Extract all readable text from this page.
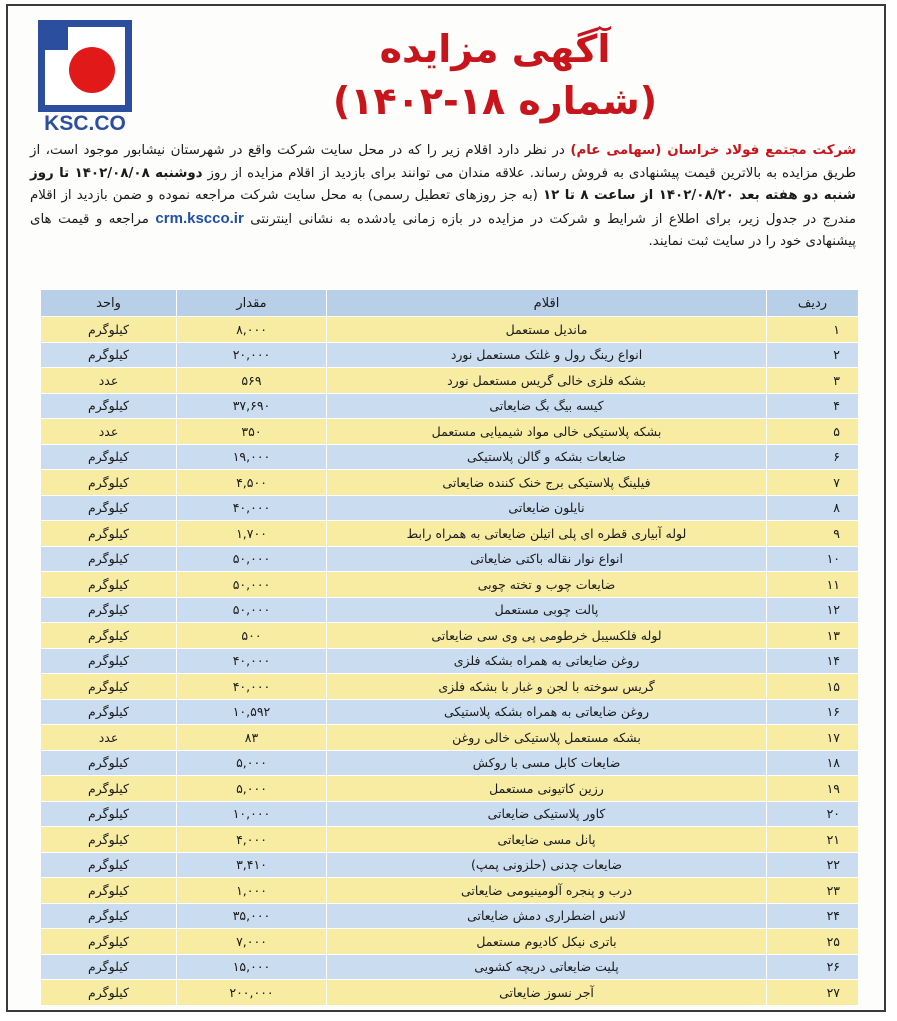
KSC.CO
آگهی مزایده
(شماره ۱۸-۱۴۰۲)
شرکت مجتمع فولاد خراسان (سهامی عام) در نظر دارد اقلام زیر را که در محل سایت شرکت واقع در شهرستان نیشابور موجود است، از طریق مزایده به بالاترین قیمت پیشنهادی به فروش رساند. علاقه مندان می توانند برای بازدید از اقلام مزایده از روز دوشنبه ۱۴۰۲/۰۸/۰۸ تا روز شنبه دو هفته بعد ۱۴۰۲/۰۸/۲۰ از ساعت ۸ تا ۱۲ (به جز روزهای تعطیل رسمی) به محل سایت شرکت مراجعه نموده و ضمن بازدید از اقلام مندرج در جدول زیر، برای اطلاع از شرایط و شرکت در مزایده در بازه زمانی یادشده به نشانی اینترنتی crm.kscco.ir مراجعه و قیمت های پیشنهادی خود را در سایت ثبت نمایند.
ردیف	اقلام	مقدار	واحد
۱	ماندیل مستعمل	۸,۰۰۰	کیلوگرم
۲	انواع رینگ رول و غلتک مستعمل نورد	۲۰,۰۰۰	کیلوگرم
۳	بشکه فلزی خالی گریس مستعمل نورد	۵۶۹	عدد
۴	کیسه بیگ بگ ضایعاتی	۳۷,۶۹۰	کیلوگرم
۵	بشکه پلاستیکی خالی مواد شیمیایی مستعمل	۳۵۰	عدد
۶	ضایعات بشکه و گالن پلاستیکی	۱۹,۰۰۰	کیلوگرم
۷	فیلینگ پلاستیکی برج خنک کننده ضایعاتی	۴,۵۰۰	کیلوگرم
۸	نایلون ضایعاتی	۴۰,۰۰۰	کیلوگرم
۹	لوله آبیاری قطره ای پلی اتیلن ضایعاتی به همراه رابط	۱,۷۰۰	کیلوگرم
۱۰	انواع نوار نقاله باکتی ضایعاتی	۵۰,۰۰۰	کیلوگرم
۱۱	ضایعات چوب و تخته چوبی	۵۰,۰۰۰	کیلوگرم
۱۲	پالت چوبی مستعمل	۵۰,۰۰۰	کیلوگرم
۱۳	لوله فلکسیبل خرطومی پی وی سی ضایعاتی	۵۰۰	کیلوگرم
۱۴	روغن ضایعاتی به همراه بشکه فلزی	۴۰,۰۰۰	کیلوگرم
۱۵	گریس سوخته با لجن و غبار با بشکه فلزی	۴۰,۰۰۰	کیلوگرم
۱۶	روغن ضایعاتی به همراه بشکه پلاستیکی	۱۰,۵۹۲	کیلوگرم
۱۷	بشکه مستعمل پلاستیکی خالی روغن	۸۳	عدد
۱۸	ضایعات کابل مسی با روکش	۵,۰۰۰	کیلوگرم
۱۹	رزین کاتیونی مستعمل	۵,۰۰۰	کیلوگرم
۲۰	کاور پلاستیکی ضایعاتی	۱۰,۰۰۰	کیلوگرم
۲۱	پانل مسی ضایعاتی	۴,۰۰۰	کیلوگرم
۲۲	ضایعات چدنی (حلزونی پمپ)	۳,۴۱۰	کیلوگرم
۲۳	درب و پنجره آلومینیومی ضایعاتی	۱,۰۰۰	کیلوگرم
۲۴	لانس اضطراری دمش ضایعاتی	۳۵,۰۰۰	کیلوگرم
۲۵	باتری نیکل کادیوم مستعمل	۷,۰۰۰	کیلوگرم
۲۶	پلیت ضایعاتی دریچه کشویی	۱۵,۰۰۰	کیلوگرم
۲۷	آجر نسوز ضایعاتی	۲۰۰,۰۰۰	کیلوگرم
